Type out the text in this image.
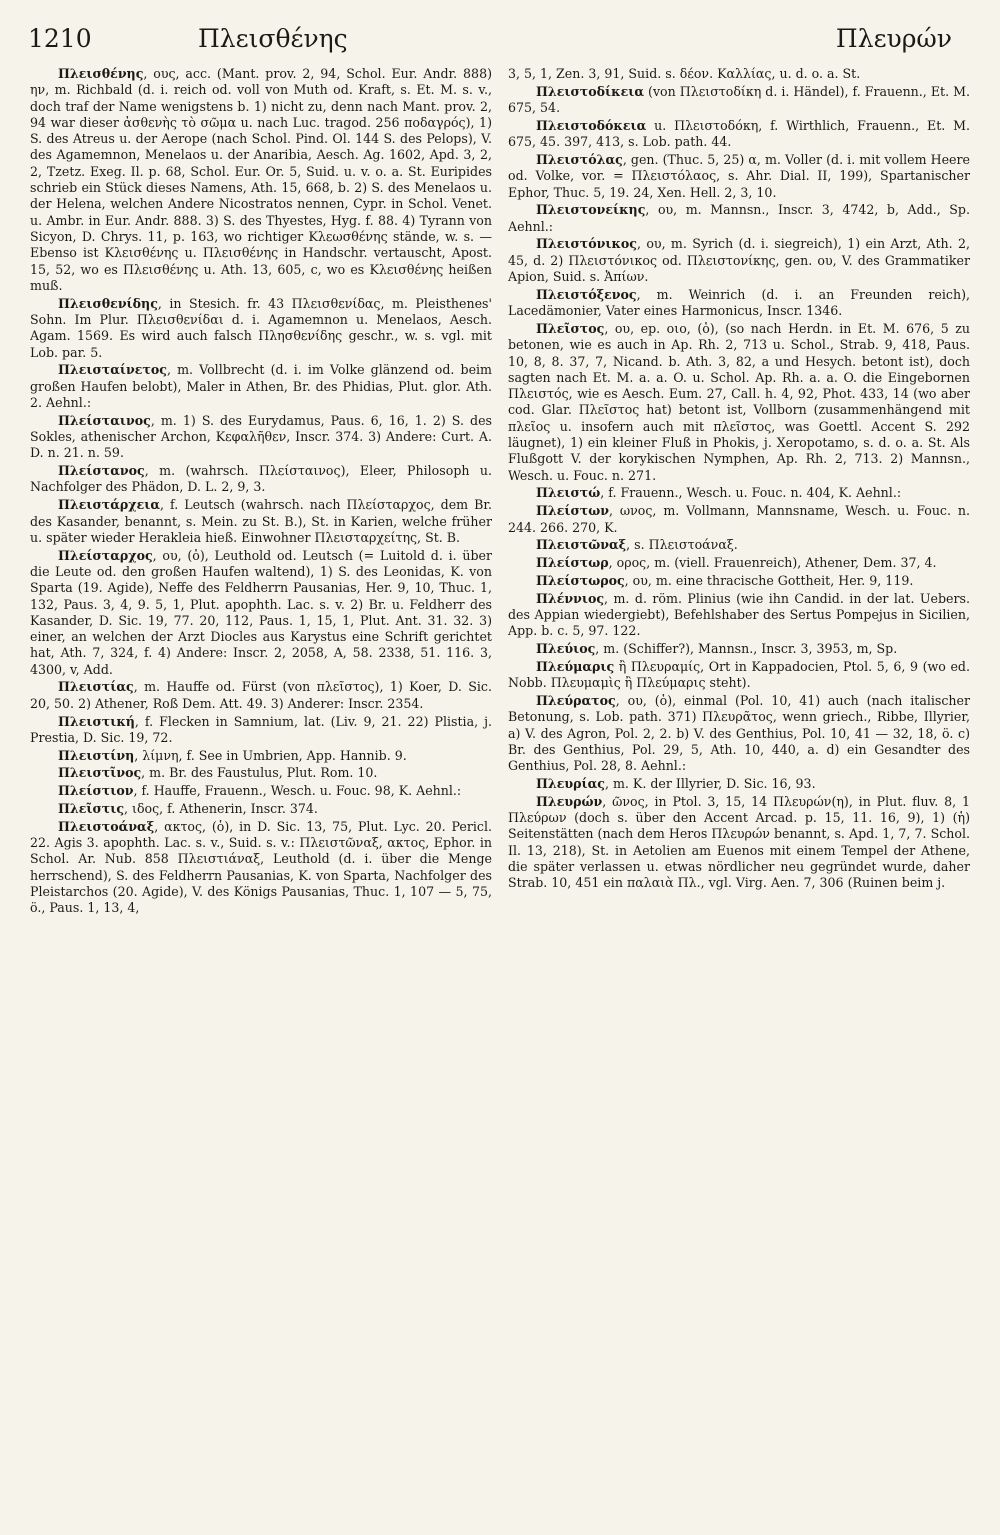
1210	Πλεισθένης	Πλευρών

Πλεισθένης, ους, acc. (Mant. prov. 2, 94, Schol. Eur. Andr. 888) ην, m. Richbald (d. i. reich od. voll von Muth od. Kraft, s. Et. M. s. v., doch traf der Name wenigstens b. 1) nicht zu, denn nach Mant. prov. 2, 94 war dieser ἀσθενὴς τὸ σῶμα u. nach Luc. tragod. 256 ποδαγρός), 1) S. des Atreus u. der Aerope (nach Schol. Pind. Ol. 144 S. des Pelops), V. des Agamemnon, Menelaos u. der Anaribia, Aesch. Ag. 1602, Apd. 3, 2, 2, Tzetz. Exeg. Il. p. 68, Schol. Eur. Or. 5, Suid. u. v. o. a. St. Euripides schrieb ein Stück dieses Namens, Ath. 15, 668, b. 2) S. des Menelaos u. der Helena, welchen Andere Nicostratos nennen, Cypr. in Schol. Venet. u. Ambr. in Eur. Andr. 888. 3) S. des Thyestes, Hyg. f. 88. 4) Tyrann von Sicyon, D. Chrys. 11, p. 163, wo richtiger Κλεωσθένης stände, w. s. — Ebenso ist Κλεισθένης u. Πλεισθένης in Handschr. vertauscht, Apost. 15, 52, wo es Πλεισθένης u. Ath. 13, 605, c, wo es Κλεισθένης heißen muß.

Πλεισθενίδης, in Stesich. fr. 43 Πλεισθενίδας, m. Pleisthenes' Sohn. Im Plur. Πλεισθενίδαι d. i. Agamemnon u. Menelaos, Aesch. Agam. 1569. Es wird auch falsch Πλησθενίδης geschr., w. s. vgl. mit Lob. par. 5.

Πλεισταίνετος, m. Vollbrecht (d. i. im Volke glänzend od. beim großen Haufen belobt), Maler in Athen, Br. des Phidias, Plut. glor. Ath. 2. Aehnl.:

Πλείσταινος, m. 1) S. des Eurydamus, Paus. 6, 16, 1. 2) S. des Sokles, athenischer Archon, Κεφαλῆθεν, Inscr. 374. 3) Andere: Curt. A. D. n. 21. n. 59.

Πλείστανος, m. (wahrsch. Πλείσταινος), Eleer, Philosoph u. Nachfolger des Phädon, D. L. 2, 9, 3.

Πλειστάρχεια, f. Leutsch (wahrsch. nach Πλείσταρχος, dem Br. des Kasander, benannt, s. Mein. zu St. B.), St. in Karien, welche früher u. später wieder Herakleia hieß. Einwohner Πλεισταρχείτης, St. B.

Πλείσταρχος, ου, (ὁ), Leuthold od. Leutsch (= Luitold d. i. über die Leute od. den großen Haufen waltend), 1) S. des Leonidas, K. von Sparta (19. Agide), Neffe des Feldherrn Pausanias, Her. 9, 10, Thuc. 1, 132, Paus. 3, 4, 9. 5, 1, Plut. apophth. Lac. s. v. 2) Br. u. Feldherr des Kasander, D. Sic. 19, 77. 20, 112, Paus. 1, 15, 1, Plut. Ant. 31. 32. 3) einer, an welchen der Arzt Diocles aus Karystus eine Schrift gerichtet hat, Ath. 7, 324, f. 4) Andere: Inscr. 2, 2058, A, 58. 2338, 51. 116. 3, 4300, v, Add.

Πλειστίας, m. Hauffe od. Fürst (von πλεῖστος), 1) Koer, D. Sic. 20, 50. 2) Athener, Roß Dem. Att. 49. 3) Anderer: Inscr. 2354.

Πλειστική, f. Flecken in Samnium, lat. (Liv. 9, 21. 22) Plistia, j. Prestia, D. Sic. 19, 72.

Πλειστίνη, λίμνη, f. See in Umbrien, App. Hannib. 9.

Πλειστῖνος, m. Br. des Faustulus, Plut. Rom. 10.

Πλείστιον, f. Hauffe, Frauenn., Wesch. u. Fouc. 98, K. Aehnl.:

Πλεῖστις, ιδος, f. Athenerin, Inscr. 374.

Πλειστοάναξ, ακτος, (ὁ), in D. Sic. 13, 75, Plut. Lyc. 20. Pericl. 22. Agis 3. apophth. Lac. s. v., Suid. s. v.: Πλειστῶναξ, ακτος, Ephor. in Schol. Ar. Nub. 858 Πλειστιάναξ, Leuthold (d. i. über die Menge herrschend), S. des Feldherrn Pausanias, K. von Sparta, Nachfolger des Pleistarchos (20. Agide), V. des Königs Pausanias, Thuc. 1, 107 — 5, 75, ö., Paus. 1, 13, 4,

3, 5, 1, Zen. 3, 91, Suid. s. δέον. Καλλίας, u. d. o. a. St.

Πλειστοδίκεια (von Πλειστοδίκη d. i. Händel), f. Frauenn., Et. M. 675, 54.

Πλειστοδόκεια u. Πλειστοδόκη, f. Wirthlich, Frauenn., Et. M. 675, 45. 397, 413, s. Lob. path. 44.

Πλειστόλας, gen. (Thuc. 5, 25) α, m. Voller (d. i. mit vollem Heere od. Volke, vor. = Πλειστόλαος, s. Ahr. Dial. II, 199), Spartanischer Ephor, Thuc. 5, 19. 24, Xen. Hell. 2, 3, 10.

Πλειστονείκης, ου, m. Mannsn., Inscr. 3, 4742, b, Add., Sp. Aehnl.:

Πλειστόνικος, ου, m. Syrich (d. i. siegreich), 1) ein Arzt, Ath. 2, 45, d. 2) Πλειστόνικος od. Πλειστονίκης, gen. ου, V. des Grammatiker Apion, Suid. s. Ἀπίων.

Πλειστόξενος, m. Weinrich (d. i. an Freunden reich), Lacedämonier, Vater eines Harmonicus, Inscr. 1346.

Πλεῖστος, ου, ep. οιο, (ὁ), (so nach Herdn. in Et. M. 676, 5 zu betonen, wie es auch in Ap. Rh. 2, 713 u. Schol., Strab. 9, 418, Paus. 10, 8, 8. 37, 7, Nicand. b. Ath. 3, 82, a und Hesych. betont ist), doch sagten nach Et. M. a. a. O. u. Schol. Ap. Rh. a. a. O. die Eingebornen Πλειστός, wie es Aesch. Eum. 27, Call. h. 4, 92, Phot. 433, 14 (wo aber cod. Glar. Πλεῖστος hat) betont ist, Vollborn (zusammenhängend mit πλεῖος u. insofern auch mit πλεῖστος, was Goettl. Accent S. 292 läugnet), 1) ein kleiner Fluß in Phokis, j. Xeropotamo, s. d. o. a. St. Als Flußgott V. der korykischen Nymphen, Ap. Rh. 2, 713. 2) Mannsn., Wesch. u. Fouc. n. 271.

Πλειστώ, f. Frauenn., Wesch. u. Fouc. n. 404, K. Aehnl.:

Πλείστων, ωνος, m. Vollmann, Mannsname, Wesch. u. Fouc. n. 244. 266. 270, K.

Πλειστῶναξ, s. Πλειστοάναξ.

Πλείστωρ, ορος, m. (viell. Frauenreich), Athener, Dem. 37, 4.

Πλείστωρος, ου, m. eine thracische Gottheit, Her. 9, 119.

Πλέννιος, m. d. röm. Plinius (wie ihn Candid. in der lat. Uebers. des Appian wiedergiebt), Befehlshaber des Sertus Pompejus in Sicilien, App. b. c. 5, 97. 122.

Πλεύιος, m. (Schiffer?), Mannsn., Inscr. 3, 3953, m, Sp.

Πλεύμαρις ἢ Πλευραμίς, Ort in Kappadocien, Ptol. 5, 6, 9 (wo ed. Nobb. Πλευμαμὶς ἢ Πλεύμαρις steht).

Πλεύρατος, ου, (ὁ), einmal (Pol. 10, 41) auch (nach italischer Betonung, s. Lob. path. 371) Πλευρᾶτος, wenn griech., Ribbe, Illyrier, a) V. des Agron, Pol. 2, 2. b) V. des Genthius, Pol. 10, 41 — 32, 18, ö. c) Br. des Genthius, Pol. 29, 5, Ath. 10, 440, a. d) ein Gesandter des Genthius, Pol. 28, 8. Aehnl.:

Πλευρίας, m. K. der Illyrier, D. Sic. 16, 93.

Πλευρών, ῶνος, in Ptol. 3, 15, 14 Πλευρών(η), in Plut. fluv. 8, 1 Πλεύρων (doch s. über den Accent Arcad. p. 15, 11. 16, 9), 1) (ἡ) Seitenstätten (nach dem Heros Πλευρών benannt, s. Apd. 1, 7, 7. Schol. Il. 13, 218), St. in Aetolien am Euenos mit einem Tempel der Athene, die später verlassen u. etwas nördlicher neu gegründet wurde, daher Strab. 10, 451 ein παλαιὰ Πλ., vgl. Virg. Aen. 7, 306 (Ruinen beim j.
